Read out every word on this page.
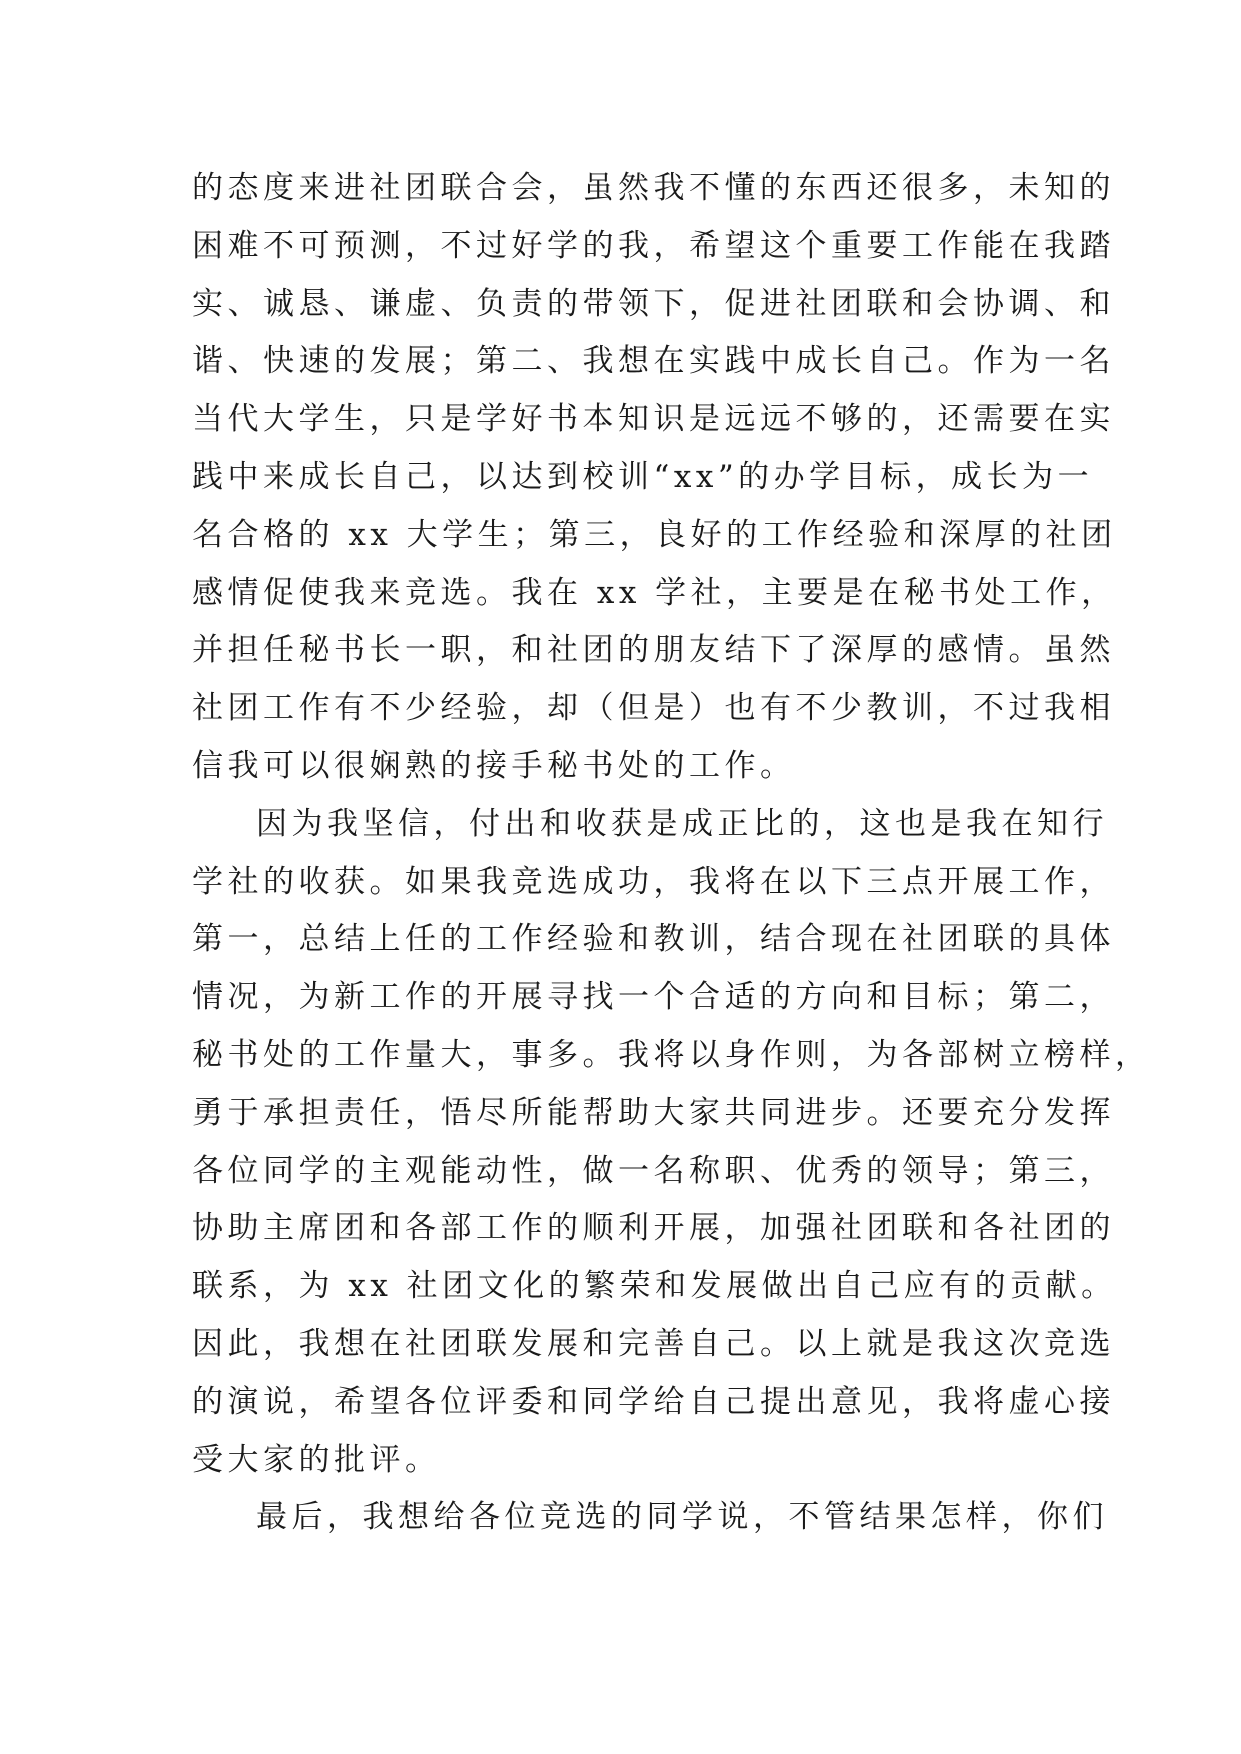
的态度来进社团联合会，虽然我不懂的东西还很多，未知的
困难不可预测，不过好学的我，希望这个重要工作能在我踏
实、诚恳、谦虚、负责的带领下，促进社团联和会协调、和
谐、快速的发展；第二、我想在实践中成长自己。作为一名
当代大学生，只是学好书本知识是远远不够的，还需要在实
践中来成长自己，以达到校训“xx”的办学目标，成长为一
名合格的 xx 大学生；第三，良好的工作经验和深厚的社团
感情促使我来竞选。我在 xx 学社，主要是在秘书处工作，
并担任秘书长一职，和社团的朋友结下了深厚的感情。虽然
社团工作有不少经验，却（但是）也有不少教训，不过我相
信我可以很娴熟的接手秘书处的工作。
因为我坚信，付出和收获是成正比的，这也是我在知行
学社的收获。如果我竞选成功，我将在以下三点开展工作，
第一，总结上任的工作经验和教训，结合现在社团联的具体
情况，为新工作的开展寻找一个合适的方向和目标；第二，
秘书处的工作量大，事多。我将以身作则，为各部树立榜样，
勇于承担责任，悟尽所能帮助大家共同进步。还要充分发挥
各位同学的主观能动性，做一名称职、优秀的领导；第三，
协助主席团和各部工作的顺利开展，加强社团联和各社团的
联系，为 xx 社团文化的繁荣和发展做出自己应有的贡献。
因此，我想在社团联发展和完善自己。以上就是我这次竞选
的演说，希望各位评委和同学给自己提出意见，我将虚心接
受大家的批评。
最后，我想给各位竞选的同学说，不管结果怎样，你们
